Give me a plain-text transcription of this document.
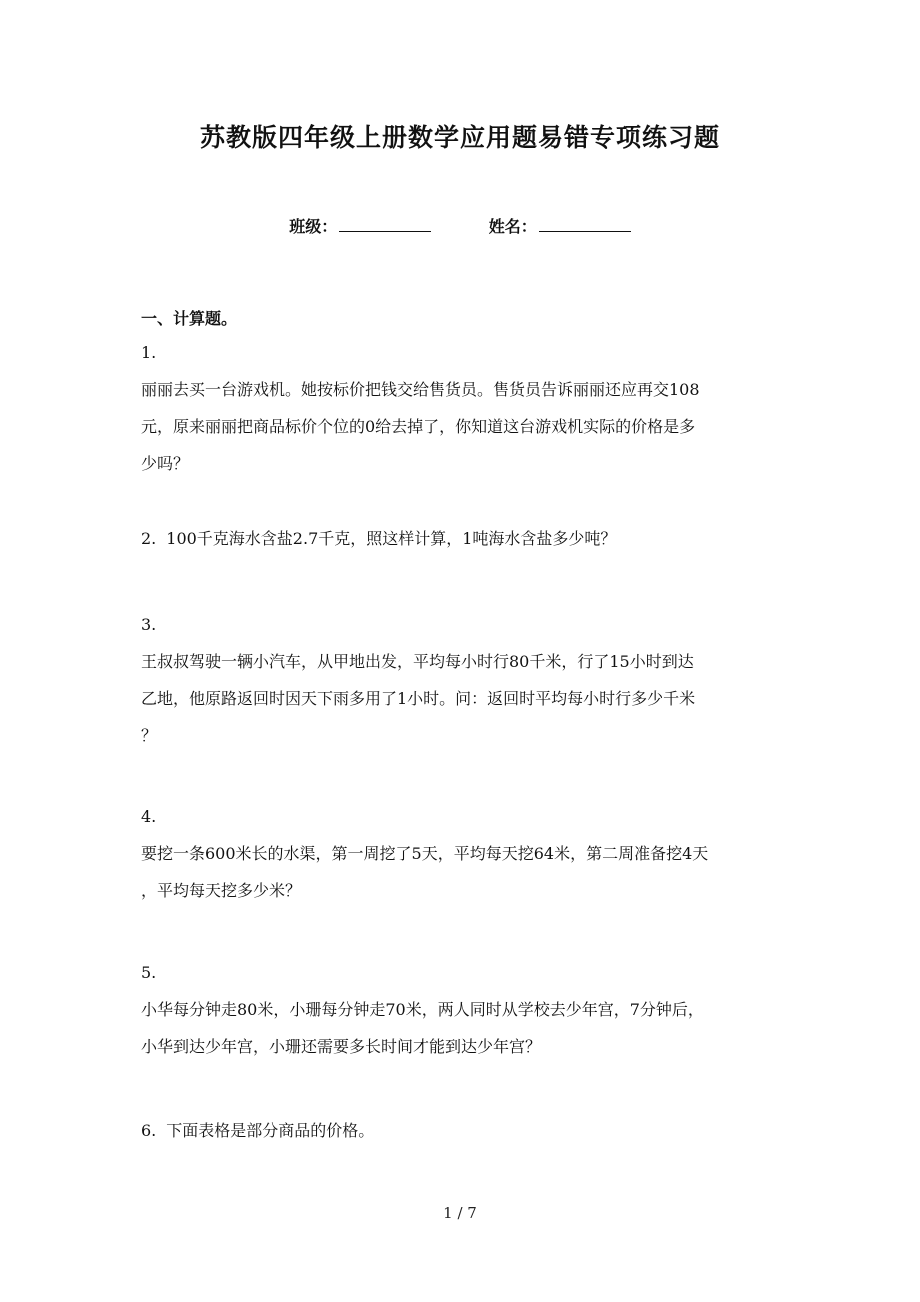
苏教版四年级上册数学应用题易错专项练习题
班级：	姓名：
一、计算题。
1.
丽丽去买一台游戏机。她按标价把钱交给售货员。售货员告诉丽丽还应再交108
元，原来丽丽把商品标价个位的0给去掉了，你知道这台游戏机实际的价格是多
少吗？
2. 100千克海水含盐2.7千克，照这样计算，1吨海水含盐多少吨？
3.
王叔叔驾驶一辆小汽车，从甲地出发，平均每小时行80千米，行了15小时到达
乙地，他原路返回时因天下雨多用了1小时。问：返回时平均每小时行多少千米
？
4.
要挖一条600米长的水渠，第一周挖了5天，平均每天挖64米，第二周准备挖4天
，平均每天挖多少米？
5.
小华每分钟走80米，小珊每分钟走70米，两人同时从学校去少年宫，7分钟后，
小华到达少年宫，小珊还需要多长时间才能到达少年宫？
6. 下面表格是部分商品的价格。
1 / 7
